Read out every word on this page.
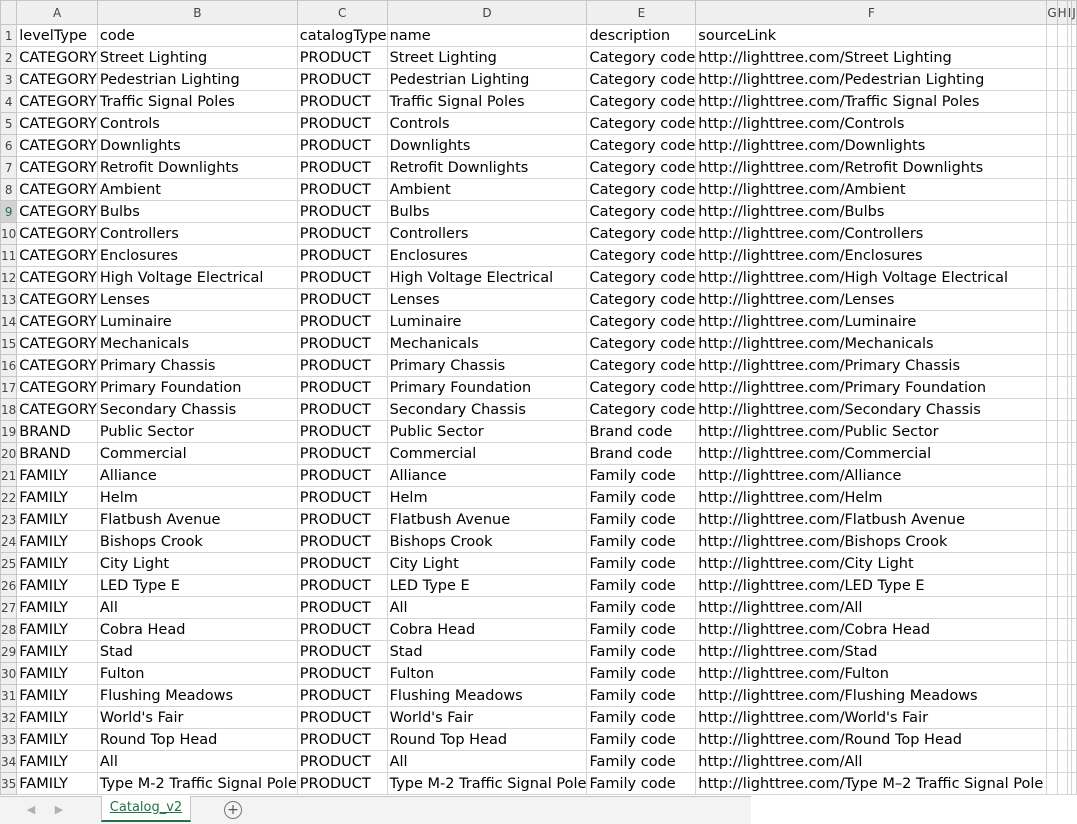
	A	B	C	D	E	F	G	H	I	J
1	levelType	code	catalogType	name	description	sourceLink				
2	CATEGORY	Street Lighting	PRODUCT	Street Lighting	Category code	http://lighttree.com/Street Lighting				
3	CATEGORY	Pedestrian Lighting	PRODUCT	Pedestrian Lighting	Category code	http://lighttree.com/Pedestrian Lighting				
4	CATEGORY	Traffic Signal Poles	PRODUCT	Traffic Signal Poles	Category code	http://lighttree.com/Traffic Signal Poles				
5	CATEGORY	Controls	PRODUCT	Controls	Category code	http://lighttree.com/Controls				
6	CATEGORY	Downlights	PRODUCT	Downlights	Category code	http://lighttree.com/Downlights				
7	CATEGORY	Retrofit Downlights	PRODUCT	Retrofit Downlights	Category code	http://lighttree.com/Retrofit Downlights				
8	CATEGORY	Ambient	PRODUCT	Ambient	Category code	http://lighttree.com/Ambient				
9	CATEGORY	Bulbs	PRODUCT	Bulbs	Category code	http://lighttree.com/Bulbs				
10	CATEGORY	Controllers	PRODUCT	Controllers	Category code	http://lighttree.com/Controllers				
11	CATEGORY	Enclosures	PRODUCT	Enclosures	Category code	http://lighttree.com/Enclosures				
12	CATEGORY	High Voltage Electrical	PRODUCT	High Voltage Electrical	Category code	http://lighttree.com/High Voltage Electrical				
13	CATEGORY	Lenses	PRODUCT	Lenses	Category code	http://lighttree.com/Lenses				
14	CATEGORY	Luminaire	PRODUCT	Luminaire	Category code	http://lighttree.com/Luminaire				
15	CATEGORY	Mechanicals	PRODUCT	Mechanicals	Category code	http://lighttree.com/Mechanicals				
16	CATEGORY	Primary Chassis	PRODUCT	Primary Chassis	Category code	http://lighttree.com/Primary Chassis				
17	CATEGORY	Primary Foundation	PRODUCT	Primary Foundation	Category code	http://lighttree.com/Primary Foundation				
18	CATEGORY	Secondary Chassis	PRODUCT	Secondary Chassis	Category code	http://lighttree.com/Secondary Chassis				
19	BRAND	Public Sector	PRODUCT	Public Sector	Brand code	http://lighttree.com/Public Sector				
20	BRAND	Commercial	PRODUCT	Commercial	Brand code	http://lighttree.com/Commercial				
21	FAMILY	Alliance	PRODUCT	Alliance	Family code	http://lighttree.com/Alliance				
22	FAMILY	Helm	PRODUCT	Helm	Family code	http://lighttree.com/Helm				
23	FAMILY	Flatbush Avenue	PRODUCT	Flatbush Avenue	Family code	http://lighttree.com/Flatbush Avenue				
24	FAMILY	Bishops Crook	PRODUCT	Bishops Crook	Family code	http://lighttree.com/Bishops Crook				
25	FAMILY	City Light	PRODUCT	City Light	Family code	http://lighttree.com/City Light				
26	FAMILY	LED Type E	PRODUCT	LED Type E	Family code	http://lighttree.com/LED Type E				
27	FAMILY	All	PRODUCT	All	Family code	http://lighttree.com/All				
28	FAMILY	Cobra Head	PRODUCT	Cobra Head	Family code	http://lighttree.com/Cobra Head				
29	FAMILY	Stad	PRODUCT	Stad	Family code	http://lighttree.com/Stad				
30	FAMILY	Fulton	PRODUCT	Fulton	Family code	http://lighttree.com/Fulton				
31	FAMILY	Flushing Meadows	PRODUCT	Flushing Meadows	Family code	http://lighttree.com/Flushing Meadows				
32	FAMILY	World's Fair	PRODUCT	World's Fair	Family code	http://lighttree.com/World's Fair				
33	FAMILY	Round Top Head	PRODUCT	Round Top Head	Family code	http://lighttree.com/Round Top Head				
34	FAMILY	All	PRODUCT	All	Family code	http://lighttree.com/All				
35	FAMILY	Type M-2 Traffic Signal Pole	PRODUCT	Type M-2 Traffic Signal Pole	Family code	http://lighttree.com/Type M–2 Traffic Signal Pole				
◀ ▶	Catalog_v2	+
